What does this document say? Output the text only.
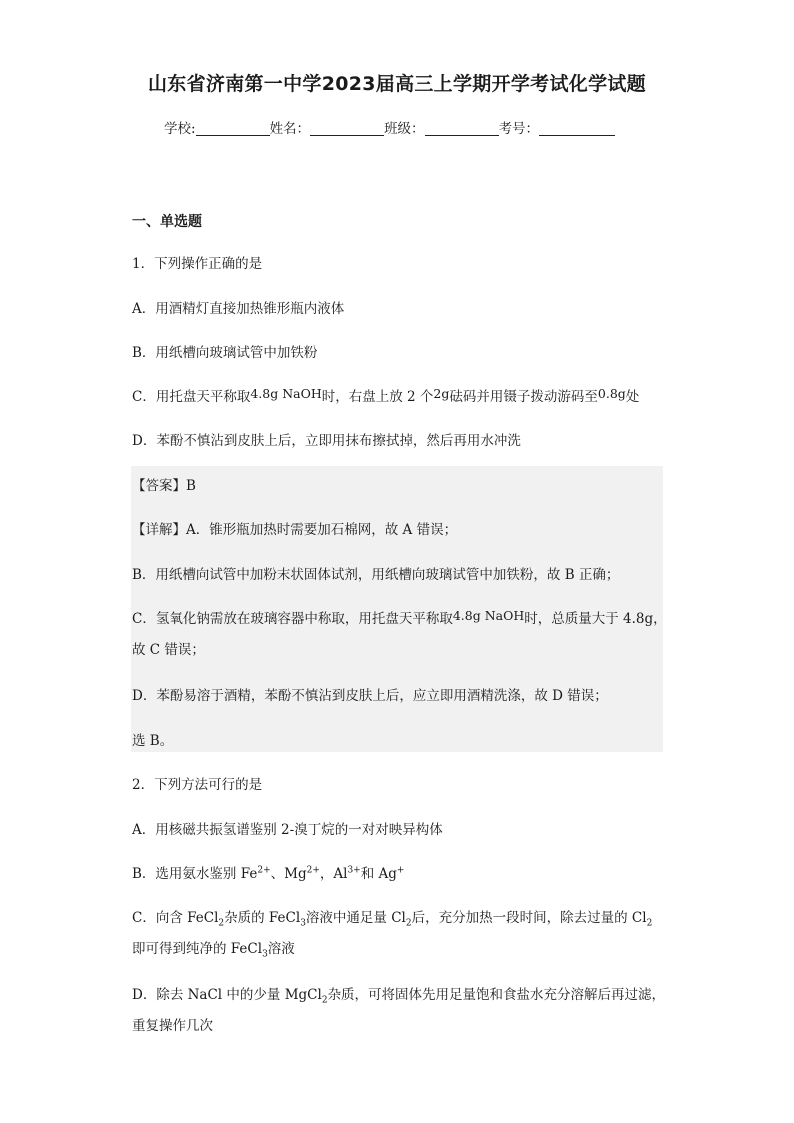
山东省济南第一中学2023届高三上学期开学考试化学试题
学校:	姓名：	班级：	考号：
一、单选题
1．下列操作正确的是
A．用酒精灯直接加热锥形瓶内液体
B．用纸槽向玻璃试管中加铁粉
C．用托盘天平称取4.8g NaOH时，右盘上放 2 个2g砝码并用镊子拨动游码至0.8g处
D．苯酚不慎沾到皮肤上后，立即用抹布擦拭掉，然后再用水冲洗
【答案】B
【详解】A．锥形瓶加热时需要加石棉网，故 A 错误；
B．用纸槽向试管中加粉末状固体试剂，用纸槽向玻璃试管中加铁粉，故 B 正确；
C．氢氧化钠需放在玻璃容器中称取，用托盘天平称取4.8g NaOH时，总质量大于 4.8g，
故 C 错误；
D．苯酚易溶于酒精，苯酚不慎沾到皮肤上后，应立即用酒精洗涤，故 D 错误；
选 B。
2．下列方法可行的是
A．用核磁共振氢谱鉴别 2-溴丁烷的一对对映异构体
B．选用氨水鉴别 $Fe^{2+}$、$Mg^{2+}$，$Al^{3+}$和 Ag+
C．向含 FeCl$_2$杂质的 FeCl$_3$溶液中通足量 $Cl_2$后，充分加热一段时间，除去过量的 $Cl_2$
即可得到纯净的 FeCl$_3$溶液
D．除去 NaCl 中的少量 MgCl$_2$杂质，可将固体先用足量饱和食盐水充分溶解后再过滤，
重复操作几次
